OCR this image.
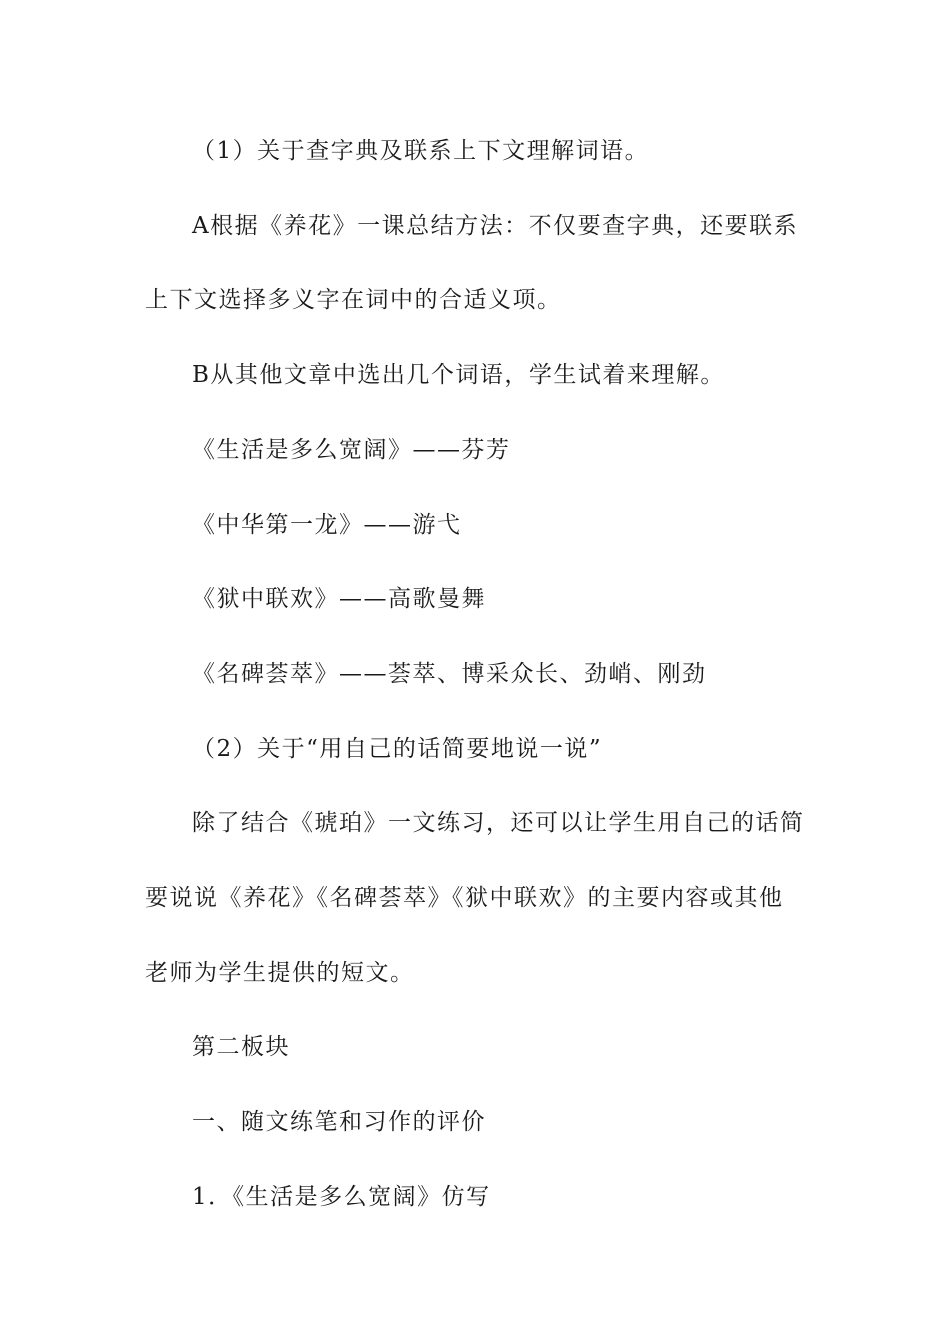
（1）关于查字典及联系上下文理解词语。
A根据《养花》一课总结方法：不仅要查字典，还要联系
上下文选择多义字在词中的合适义项。
B从其他文章中选出几个词语，学生试着来理解。
《生活是多么宽阔》——芬芳
《中华第一龙》——游弋
《狱中联欢》——高歌曼舞
《名碑荟萃》——荟萃、博采众长、劲峭、刚劲
（2）关于“用自己的话简要地说一说”
除了结合《琥珀》一文练习，还可以让学生用自己的话简
要说说《养花》《名碑荟萃》《狱中联欢》的主要内容或其他
老师为学生提供的短文。
第二板块
一、随文练笔和习作的评价
1．《生活是多么宽阔》仿写
